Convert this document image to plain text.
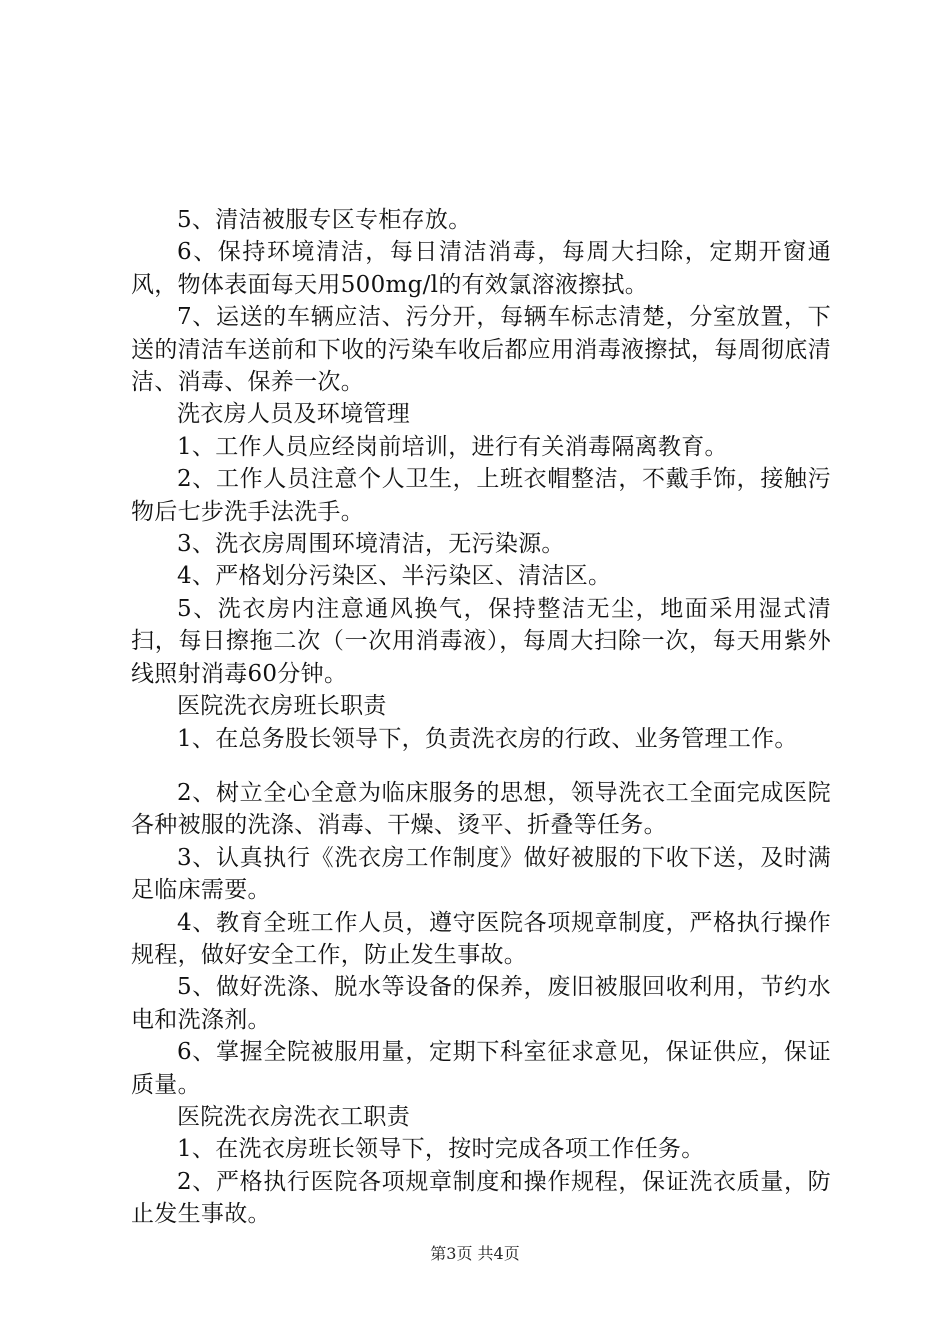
5、清洁被服专区专柜存放。

6、保持环境清洁，每日清洁消毒，每周大扫除，定期开窗通风，物体表面每天用500mg/l的有效氯溶液擦拭。

7、运送的车辆应洁、污分开，每辆车标志清楚，分室放置，下送的清洁车送前和下收的污染车收后都应用消毒液擦拭，每周彻底清洁、消毒、保养一次。

洗衣房人员及环境管理

1、工作人员应经岗前培训，进行有关消毒隔离教育。

2、工作人员注意个人卫生，上班衣帽整洁，不戴手饰，接触污物后七步洗手法洗手。

3、洗衣房周围环境清洁，无污染源。

4、严格划分污染区、半污染区、清洁区。

5、洗衣房内注意通风换气，保持整洁无尘，地面采用湿式清扫，每日擦拖二次（一次用消毒液），每周大扫除一次，每天用紫外线照射消毒60分钟。

医院洗衣房班长职责

1、在总务股长领导下，负责洗衣房的行政、业务管理工作。

2、树立全心全意为临床服务的思想，领导洗衣工全面完成医院各种被服的洗涤、消毒、干燥、烫平、折叠等任务。

3、认真执行《洗衣房工作制度》做好被服的下收下送，及时满足临床需要。

4、教育全班工作人员，遵守医院各项规章制度，严格执行操作规程，做好安全工作，防止发生事故。

5、做好洗涤、脱水等设备的保养，废旧被服回收利用，节约水电和洗涤剂。

6、掌握全院被服用量，定期下科室征求意见，保证供应，保证质量。

医院洗衣房洗衣工职责

1、在洗衣房班长领导下，按时完成各项工作任务。

2、严格执行医院各项规章制度和操作规程，保证洗衣质量，防止发生事故。

第3页 共4页
